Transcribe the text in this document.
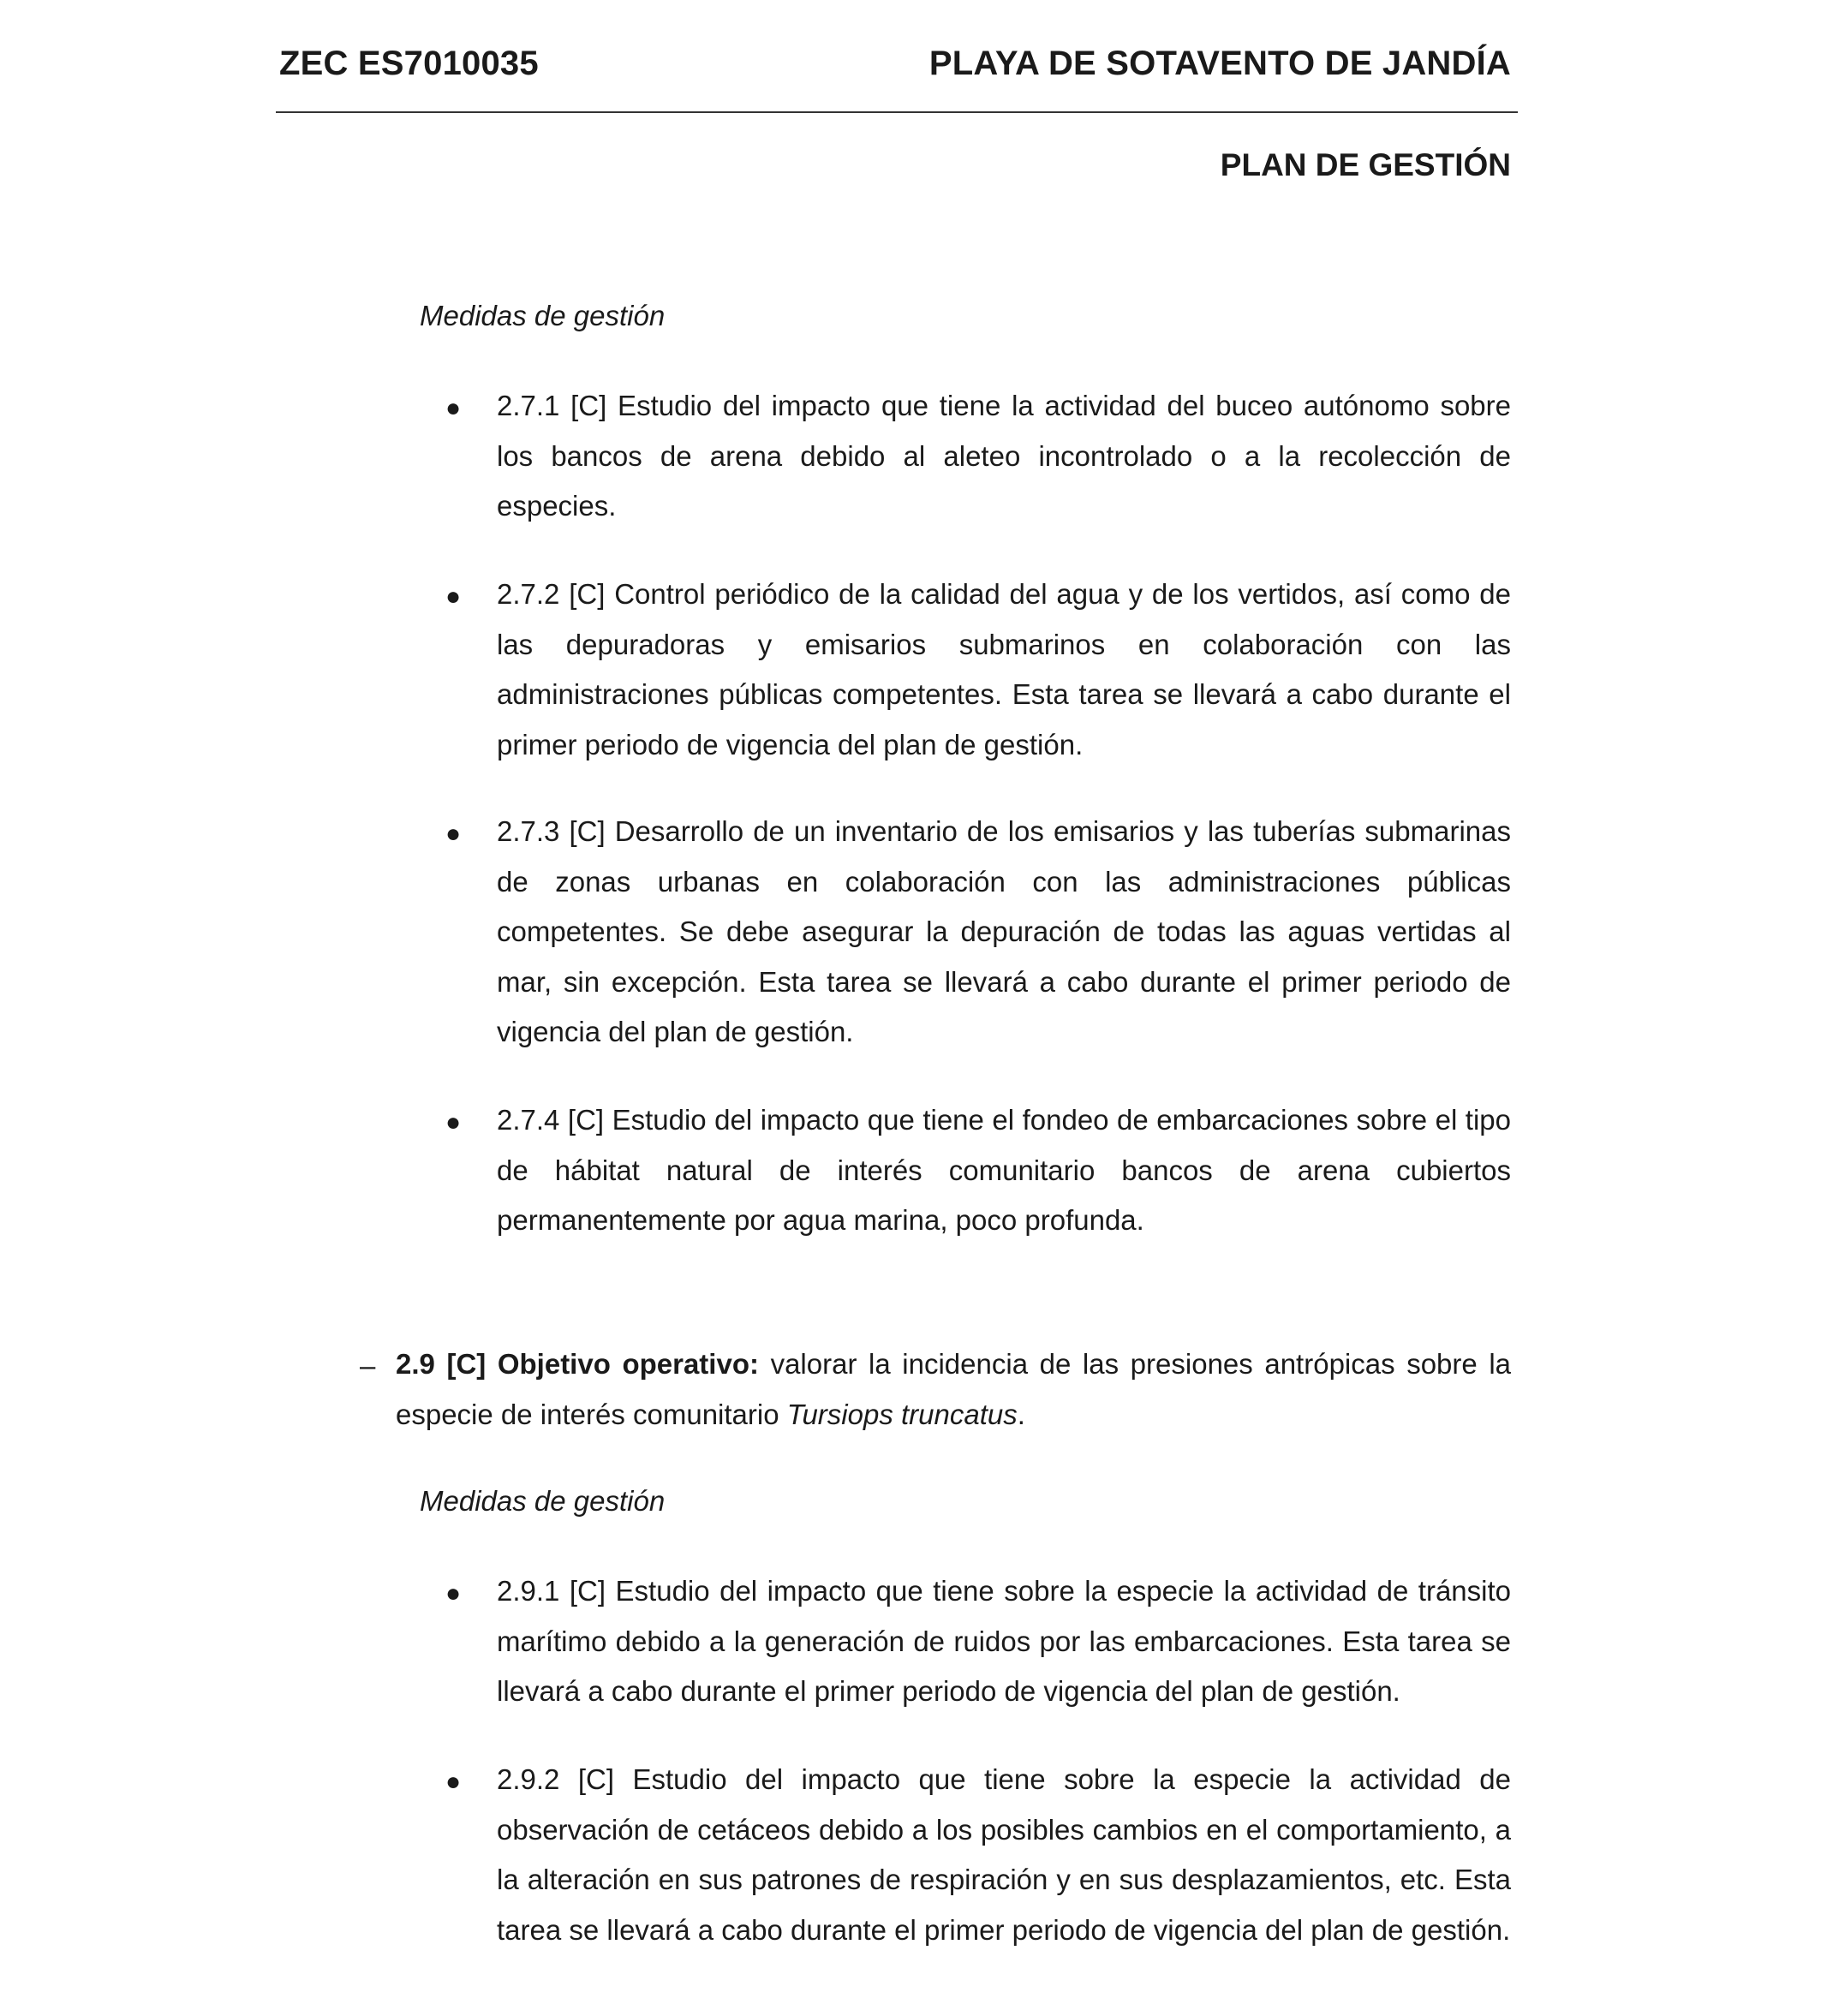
ZEC ES7010035	PLAYA DE SOTAVENTO DE JANDÍA
PLAN DE GESTIÓN
Medidas de gestión
● 2.7.1 [C] Estudio del impacto que tiene la actividad del buceo autónomo sobre los bancos de arena debido al aleteo incontrolado o a la recolección de especies.

● 2.7.2 [C] Control periódico de la calidad del agua y de los vertidos, así como de las depuradoras y emisarios submarinos en colaboración con las administraciones públicas competentes. Esta tarea se llevará a cabo durante el primer periodo de vigencia del plan de gestión.

● 2.7.3 [C] Desarrollo de un inventario de los emisarios y las tuberías submarinas de zonas urbanas en colaboración con las administraciones públicas competentes. Se debe asegurar la depuración de todas las aguas vertidas al mar, sin excepción. Esta tarea se llevará a cabo durante el primer periodo de vigencia del plan de gestión.

● 2.7.4 [C] Estudio del impacto que tiene el fondeo de embarcaciones sobre el tipo de hábitat natural de interés comunitario bancos de arena cubiertos permanentemente por agua marina, poco profunda.

– 2.9 [C] Objetivo operativo: valorar la incidencia de las presiones antrópicas sobre la especie de interés comunitario Tursiops truncatus.

Medidas de gestión
● 2.9.1 [C] Estudio del impacto que tiene sobre la especie la actividad de tránsito marítimo debido a la generación de ruidos por las embarcaciones. Esta tarea se llevará a cabo durante el primer periodo de vigencia del plan de gestión.

● 2.9.2 [C] Estudio del impacto que tiene sobre la especie la actividad de observación de cetáceos debido a los posibles cambios en el comportamiento, a la alteración en sus patrones de respiración y en sus desplazamientos, etc. Esta tarea se llevará a cabo durante el primer periodo de vigencia del plan de gestión.
